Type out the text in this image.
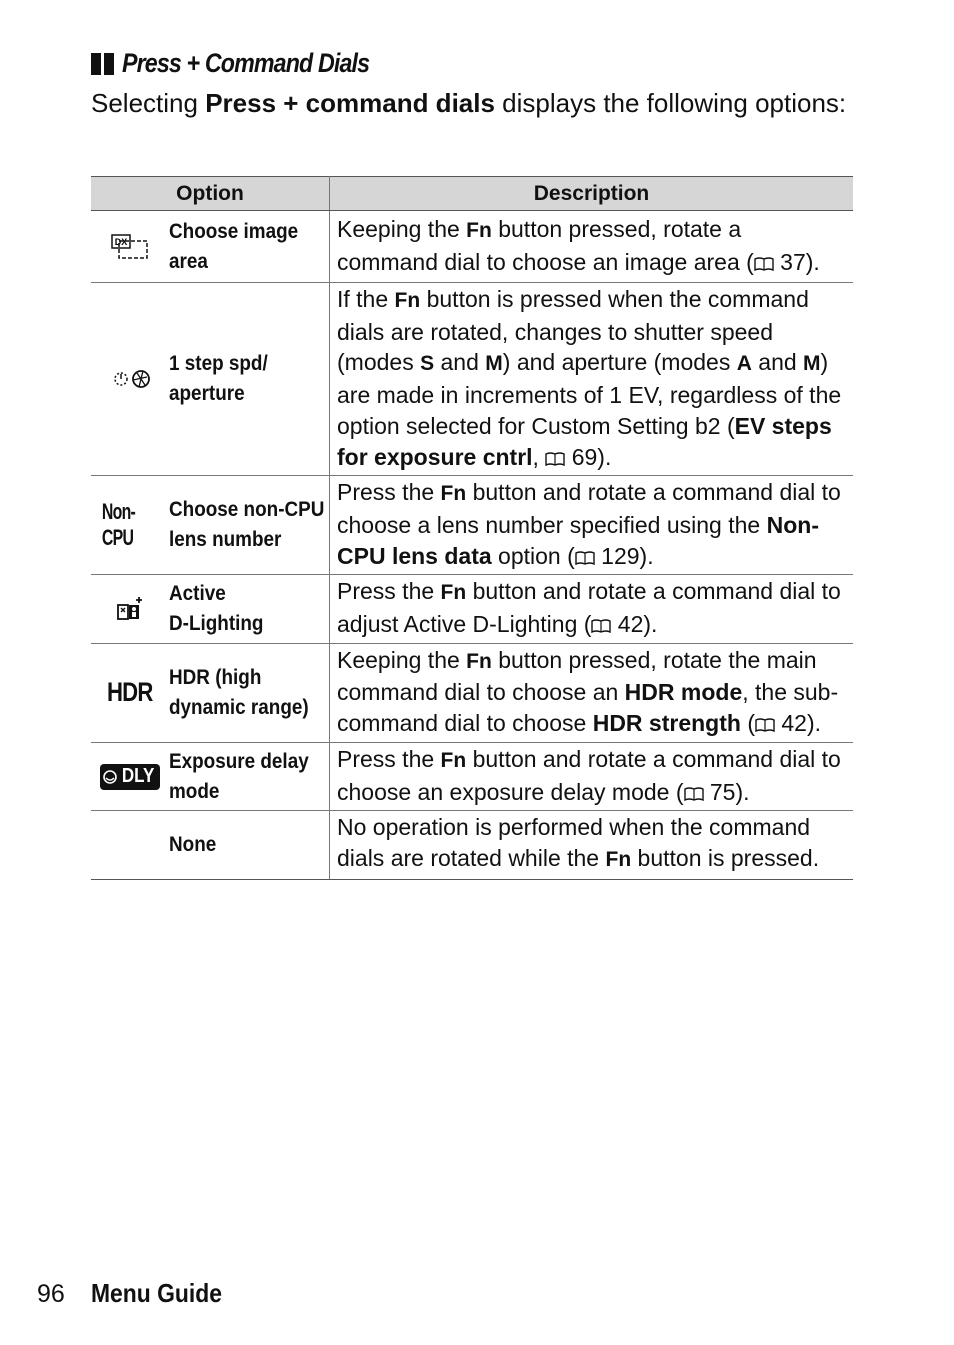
Press + Command Dials
Selecting Press + command dials displays the following options:
Option	Description

DX Choose image
area	Keeping the Fn button pressed, rotate a command dial to choose an image area ( 37).

1 step spd/
aperture	If the Fn button is pressed when the command dials are rotated, changes to shutter speed (modes S and M) and aperture (modes A and M) are made in increments of 1 EV, regardless of the option selected for Custom Setting b2 (EV steps for exposure cntrl,  69).

Non-CPU
Choose non-CPU
lens number	Press the Fn button and rotate a command dial to choose a lens number specified using the Non-CPU lens data option ( 129).

Active
D-Lighting	Press the Fn button and rotate a command dial to adjust Active D-Lighting ( 42).

HDR HDR (high
dynamic range)	Keeping the Fn button pressed, rotate the main command dial to choose an HDR mode, the sub-command dial to choose HDR strength ( 42).

DLY
Exposure delay
mode	Press the Fn button and rotate a command dial to choose an exposure delay mode ( 75).

None	No operation is performed when the command dials are rotated while the Fn button is pressed.
96 Menu Guide
